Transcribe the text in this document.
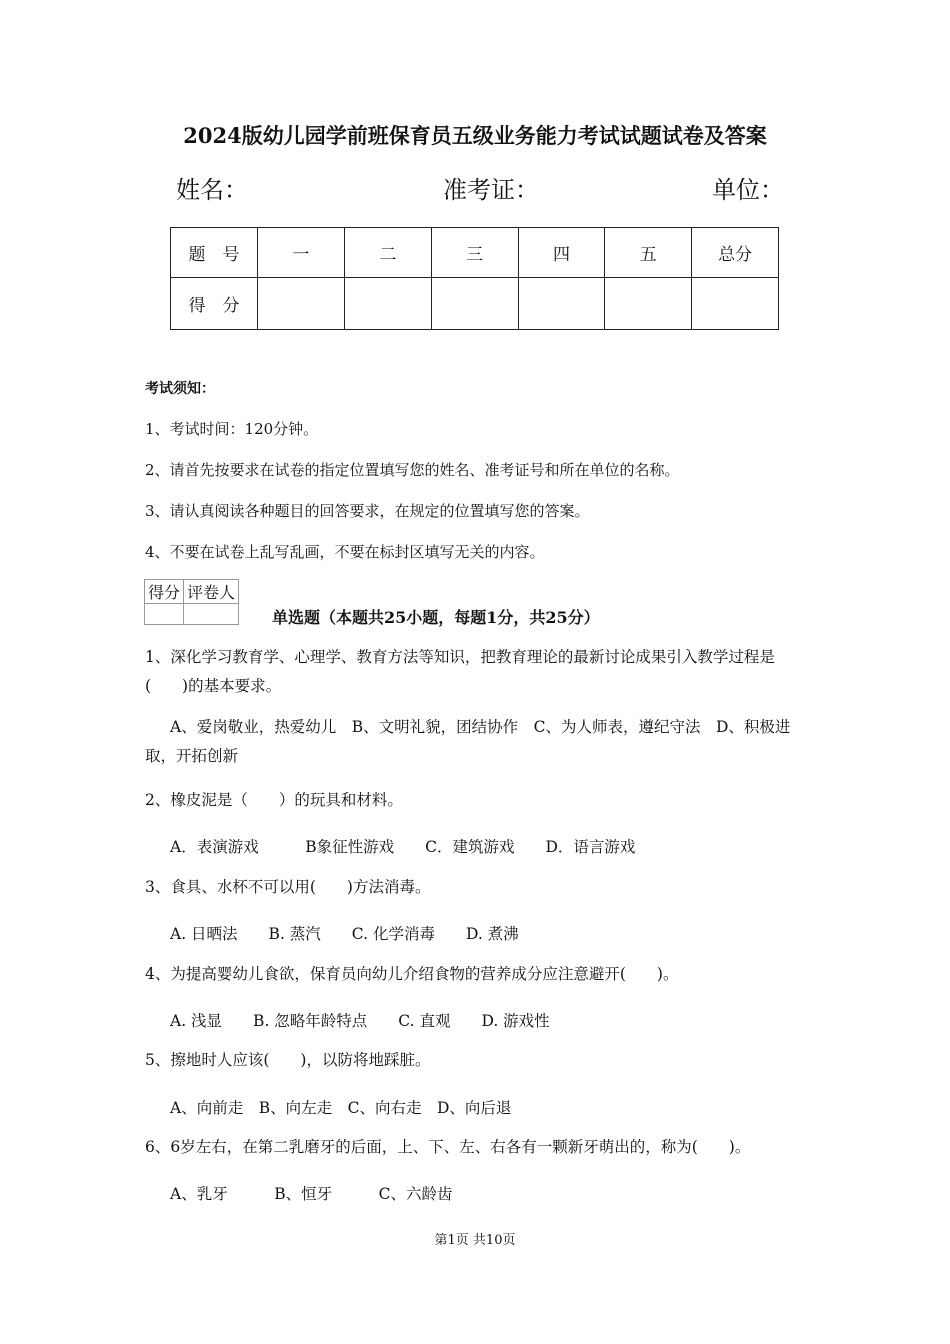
2024版幼儿园学前班保育员五级业务能力考试试题试卷及答案
姓名：	准考证：	单位：
题　号	一	二	三	四	五	总分
得　分						
考试须知：
1、考试时间：120分钟。
2、请首先按要求在试卷的指定位置填写您的姓名、准考证号和所在单位的名称。
3、请认真阅读各种题目的回答要求，在规定的位置填写您的答案。
4、不要在试卷上乱写乱画，不要在标封区填写无关的内容。
得分	评卷人

单选题（本题共25小题，每题1分，共25分）
1、深化学习教育学、心理学、教育方法等知识，把教育理论的最新讨论成果引入教学过程是(　　)的基本要求。
A、爱岗敬业，热爱幼儿　B、文明礼貌，团结协作　C、为人师表，遵纪守法　D、积极进取，开拓创新
2、橡皮泥是（　　）的玩具和材料。
A．表演游戏　　　B象征性游戏　　C．建筑游戏　　D．语言游戏
3、食具、水杯不可以用(　　)方法消毒。
A. 日晒法　　B. 蒸汽　　C. 化学消毒　　D. 煮沸
4、为提高婴幼儿食欲，保育员向幼儿介绍食物的营养成分应注意避开(　　)。
A. 浅显　　B. 忽略年龄特点　　C. 直观　　D. 游戏性
5、擦地时人应该(　　)，以防将地踩脏。
A、向前走　B、向左走　C、向右走　D、向后退
6、6岁左右，在第二乳磨牙的后面，上、下、左、右各有一颗新牙萌出的，称为(　　)。
A、乳牙　　　B、恒牙　　　C、六龄齿
第1页 共10页
